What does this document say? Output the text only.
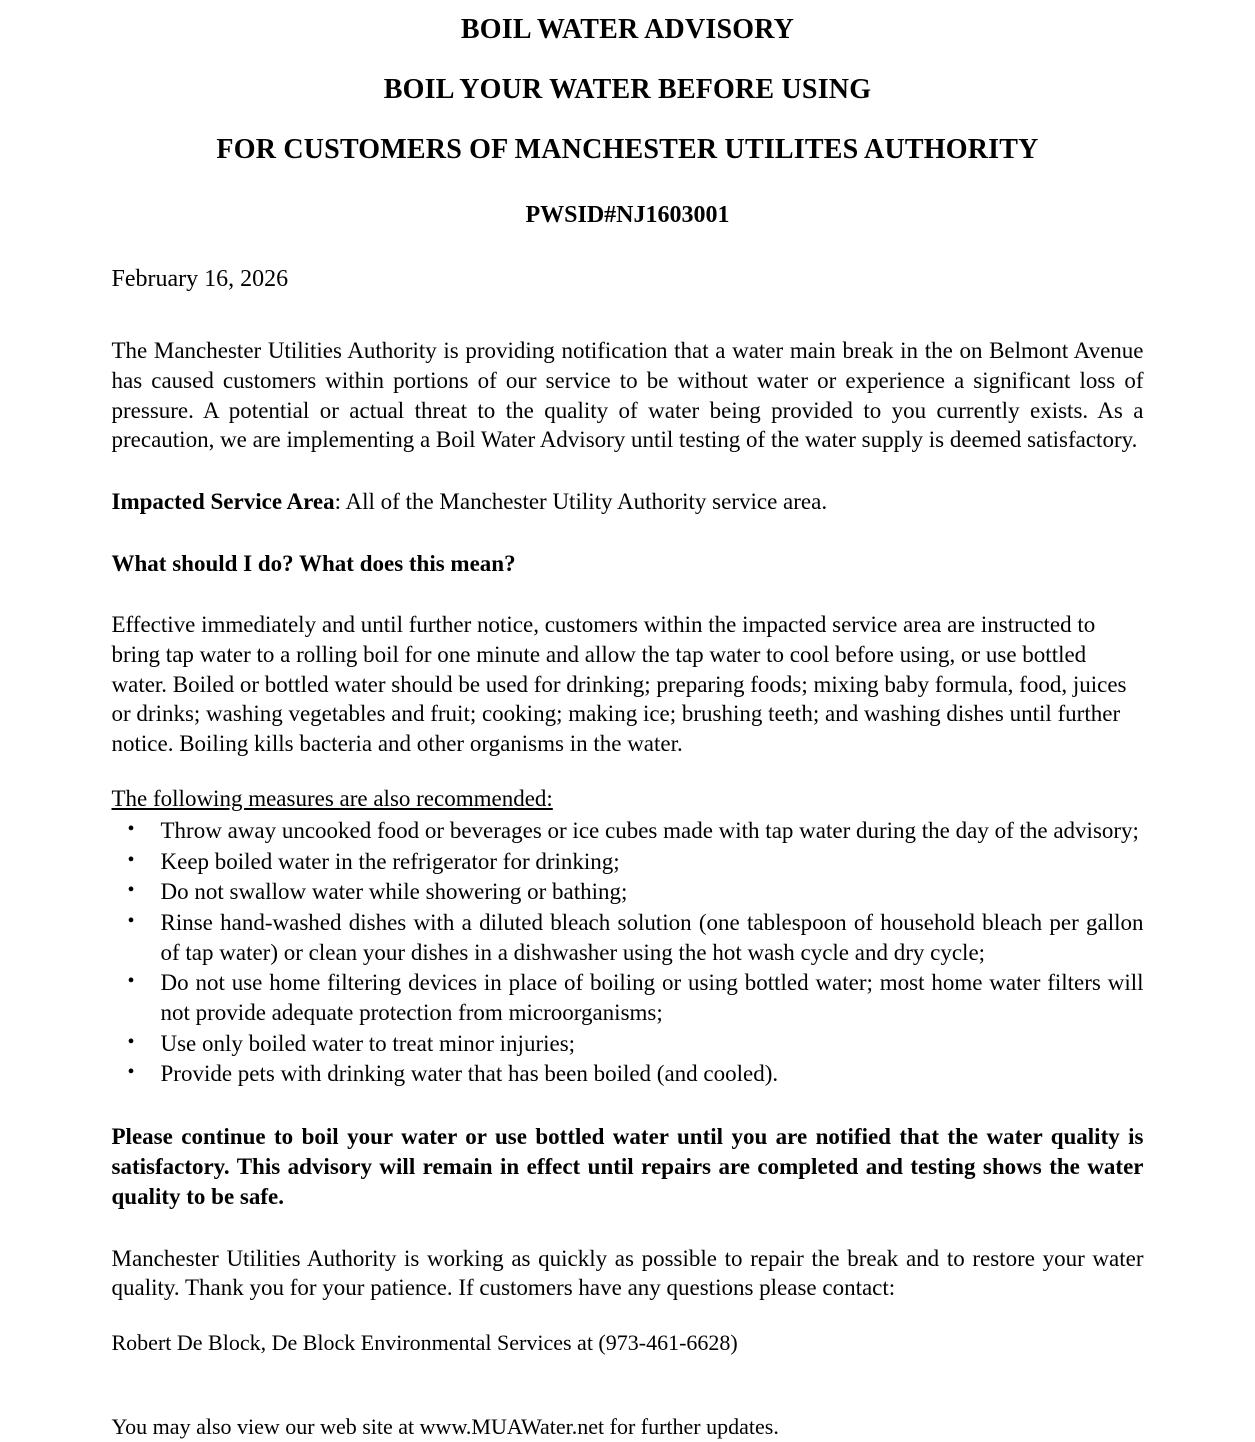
BOIL WATER ADVISORY
BOIL YOUR WATER BEFORE USING
FOR CUSTOMERS OF MANCHESTER UTILITES AUTHORITY
PWSID#NJ1603001
February 16, 2026

The Manchester Utilities Authority is providing notification that a water main break in the on Belmont Avenue has caused customers within portions of our service to be without water or experience a significant loss of pressure. A potential or actual threat to the quality of water being provided to you currently exists. As a precaution, we are implementing a Boil Water Advisory until testing of the water supply is deemed satisfactory.

Impacted Service Area: All of the Manchester Utility Authority service area.

What should I do? What does this mean?

Effective immediately and until further notice, customers within the impacted service area are instructed to bring tap water to a rolling boil for one minute and allow the tap water to cool before using, or use bottled water. Boiled or bottled water should be used for drinking; preparing foods; mixing baby formula, food, juices or drinks; washing vegetables and fruit; cooking; making ice; brushing teeth; and washing dishes until further notice. Boiling kills bacteria and other organisms in the water.

The following measures are also recommended:

• Throw away uncooked food or beverages or ice cubes made with tap water during the day of the advisory;
• Keep boiled water in the refrigerator for drinking;
• Do not swallow water while showering or bathing;
• Rinse hand-washed dishes with a diluted bleach solution (one tablespoon of household bleach per gallon of tap water) or clean your dishes in a dishwasher using the hot wash cycle and dry cycle;
• Do not use home filtering devices in place of boiling or using bottled water; most home water filters will not provide adequate protection from microorganisms;
• Use only boiled water to treat minor injuries;
• Provide pets with drinking water that has been boiled (and cooled).

Please continue to boil your water or use bottled water until you are notified that the water quality is satisfactory. This advisory will remain in effect until repairs are completed and testing shows the water quality to be safe.

Manchester Utilities Authority is working as quickly as possible to repair the break and to restore your water quality. Thank you for your patience. If customers have any questions please contact:

Robert De Block, De Block Environmental Services at (973-461-6628)

You may also view our web site at www.MUAWater.net for further updates.
